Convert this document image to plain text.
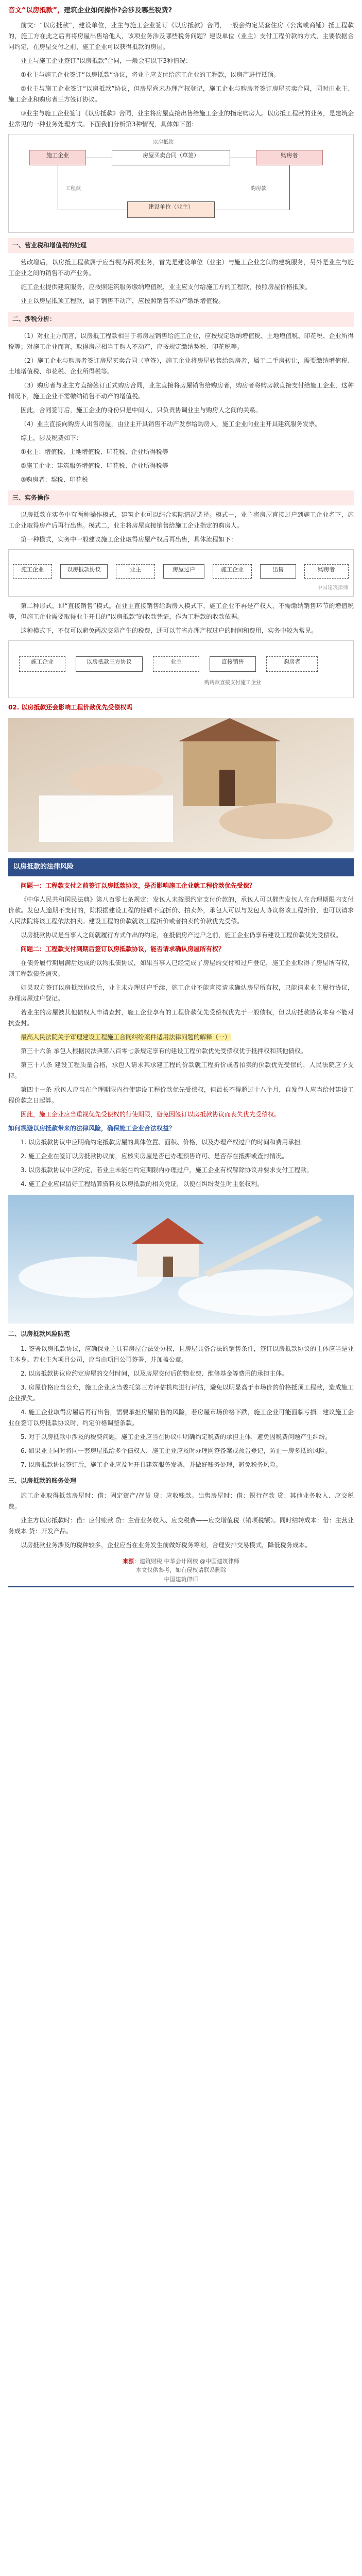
音文“以房抵款”，建筑企业如何操作?会涉及哪些税费?

前文：“以房抵款”，建设单位，业主与施工企业签订《以房抵款》合同，一般会约定某套住房（公寓或商铺）抵工程款的，施工方在此之后再将房屋出售给他人，该项业务涉及哪些税务问题？建设单位（业主）支付工程价款的方式，主要依据合同约定，在房屋交付之前，施工企业可以获得抵款的房屋。

业主与施工企业签订“以房抵款”合同，一般会有以下3种情况：

①业主与施工企业签订“以房抵款”协议，将业主应支付给施工企业的工程款，以房产进行抵顶。

②业主与施工企业签订“以房抵款”协议，但房屋尚未办理产权登记，施工企业与购房者签订房屋买卖合同，同时由业主、施工企业和购房者三方签订协议。

③业主与施工企业签订《以房抵款》合同，业主将房屋直接出售给施工企业的指定购房人。以房抵工程款的业务，是建筑企业常见的一种业务处理方式。下面我们分析第3种情况，具体如下图：

施工企业	房屋买卖合同（草签）	购房者
建设单位（业主）
以房抵款
工程款	购房款
一、营业税和增值税的处理

营改增后，以房抵工程款属于应当视为两项业务，首先是建设单位（业主）与施工企业之间的建筑服务，另外是业主与施工企业之间的销售不动产业务。

施工企业提供建筑服务，应按照建筑服务缴纳增值税，业主应支付给施工方的工程款，按照房屋价格抵顶。

业主以房屋抵顶工程款，属于销售不动产，应按照销售不动产缴纳增值税。

二、涉税分析：

（1）对业主方而言，以房抵工程款相当于将房屋销售给施工企业，应按规定缴纳增值税、土地增值税、印花税、企业所得税等；对施工企业而言，取得房屋相当于购入不动产，应按规定缴纳契税、印花税等。

（2）施工企业与购房者签订房屋买卖合同（草签），施工企业将房屋转售给购房者，属于二手房转让，需要缴纳增值税、土地增值税、印花税、企业所得税等。

（3）购房者与业主方直接签订正式购房合同，业主直接将房屋销售给购房者，购房者将购房款直接支付给施工企业，这种情况下，施工企业不需缴纳销售不动产的增值税。

因此，合同签订后，施工企业的身份只是中间人，只负责协调业主与购房人之间的关系。

（4）业主直接向购房人出售房屋，由业主开具销售不动产发票给购房人，施工企业向业主开具建筑服务发票。

综上，涉及税费如下：

①业主：增值税、土地增值税、印花税、企业所得税等

②施工企业：建筑服务增值税、印花税、企业所得税等

③购房者：契税、印花税

三、实务操作

以房抵款在实务中有两种操作模式，建筑企业可以结合实际情况选择。模式一，业主将房屋直接过户到施工企业名下，施工企业取得房产后再行出售。模式二，业主将房屋直接销售给施工企业指定的购房人。

第一种模式，实务中一般建议施工企业取得房屋产权后再出售，具体流程如下：

施工企业	以房抵款协议	业主	房屋过户	施工企业	出售	购房者
中国建筑律师

第二种形式，即“直接销售”模式。在业主直接销售给购房人模式下，施工企业不再是产权人，不需缴纳销售环节的增值税等，但施工企业需要取得业主开具的“以房抵款”的收款凭证，作为工程款的收款依据。

这种模式下，不仅可以避免两次交易产生的税费，还可以节省办理产权过户的时间和费用，实务中较为常见。

施工企业	以房抵款三方协议	业主	直接销售	购房者
购房款直接支付施工企业
02. 以房抵款还会影响工程价款优先受偿权吗
以房抵款的法律风险

问题一：工程款支付之前签订以房抵款协议，是否影响施工企业就工程价款优先受偿？

《中华人民共和国民法典》第八百零七条规定：发包人未按照约定支付价款的，承包人可以催告发包人在合理期限内支付价款。发包人逾期不支付的，除根据建设工程的性质不宜折价、拍卖外，承包人可以与发包人协议将该工程折价，也可以请求人民法院将该工程依法拍卖。建设工程的价款就该工程折价或者拍卖的价款优先受偿。

以房抵款协议是当事人之间就履行方式作出的约定，在抵债房产过户之前，施工企业仍享有建设工程价款优先受偿权。

问题二：工程款支付到期后签订以房抵款协议，能否请求确认房屋所有权？

在债务履行期届满后达成的以物抵债协议，如果当事人已经完成了房屋的交付和过户登记，施工企业取得了房屋所有权，则工程款债务消灭。

如果双方签订以房抵款协议后，业主未办理过户手续，施工企业不能直接请求确认房屋所有权，只能请求业主履行协议，办理房屋过户登记。

若业主的房屋被其他债权人申请查封，施工企业享有的工程价款优先受偿权优先于一般债权，但以房抵款协议本身不能对抗查封。

最高人民法院关于审理建设工程施工合同纠纷案件适用法律问题的解释（一）

第三十六条 承包人根据民法典第八百零七条规定享有的建设工程价款优先受偿权优于抵押权和其他债权。

第三十八条 建设工程质量合格，承包人请求其承建工程的价款就工程折价或者拍卖的价款优先受偿的，人民法院应予支持。

第四十一条 承包人应当在合理期限内行使建设工程价款优先受偿权，但最长不得超过十八个月，自发包人应当给付建设工程价款之日起算。

因此，施工企业应当重视优先受偿权的行使期限，避免因签订以房抵款协议而丧失优先受偿权。

如何规避以房抵款带来的法律风险，确保施工企业合法权益？

1. 以房抵款协议中应明确约定抵款房屋的具体位置、面积、价格，以及办理产权过户的时间和费用承担。

2. 施工企业在签订以房抵款协议前，应核实房屋是否已办理预售许可、是否存在抵押或查封情况。

3. 以房抵款协议中应约定，若业主未能在约定期限内办理过户，施工企业有权解除协议并要求支付工程款。

4. 施工企业应保留好工程结算资料及以房抵款的相关凭证，以便在纠纷发生时主张权利。

二、以房抵款风险防范

1. 签署以房抵款协议，应确保业主具有房屋合法处分权，且房屋具备合法的销售条件，签订以房抵款协议的主体应当是业主本身。若业主为项目公司，应当由项目公司签署，并加盖公章。

2. 以房抵款协议应约定房屋的交付时间，以及房屋交付后的物业费、维修基金等费用的承担主体。

3. 房屋价格应当公允，施工企业应当委托第三方评估机构进行评估，避免以明显高于市场价的价格抵顶工程款，造成施工企业损失。

4. 施工企业取得房屋后再行出售，需要承担房屋销售的风险，若房屋市场价格下跌，施工企业可能面临亏损。建议施工企业在签订以房抵款协议时，约定价格调整条款。

5. 对于以房抵款中涉及的税费问题，施工企业应当在协议中明确约定税费的承担主体，避免因税费问题产生纠纷。

6. 如果业主同时将同一套房屋抵给多个债权人，施工企业应及时办理网签备案或预告登记，防止一房多抵的风险。

7. 以房抵款协议签订后，施工企业应及时开具建筑服务发票，并做好账务处理，避免税务风险。

三、以房抵款的账务处理

施工企业取得抵款房屋时：借：固定资产/存货 贷：应收账款。出售房屋时：借：银行存款 贷：其他业务收入、应交税费。

业主方以房抵款时：借：应付账款 贷：主营业务收入、应交税费——应交增值税（销项税额）。同时结转成本：借：主营业务成本 贷：开发产品。

以房抵款业务涉及的税种较多，企业应当在业务发生前做好税务筹划，合理安排交易模式，降低税务成本。

来源：建筑财税 中华会计网校 @中国建筑律师
本文仅供参考，如有侵权请联系删除
中国建筑律师
